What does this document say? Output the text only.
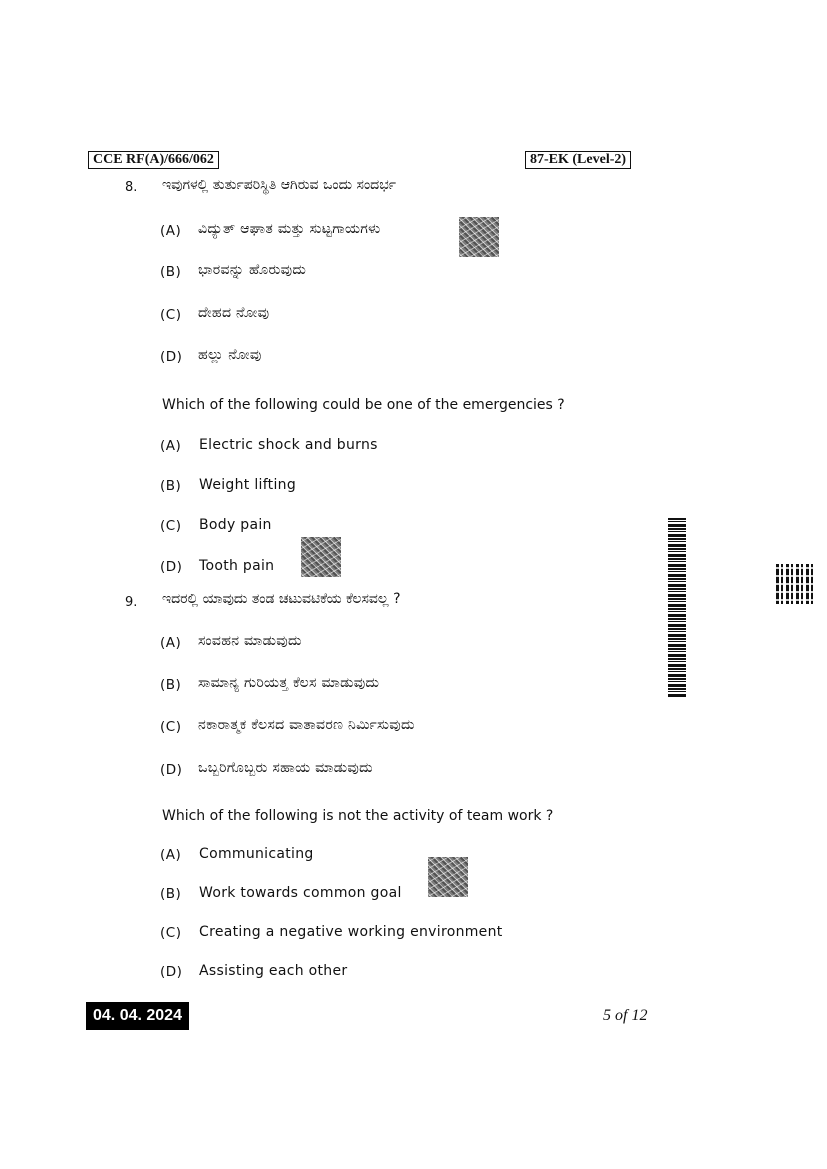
CCE RF(A)/666/062	87-EK (Level-2)
8. ಇವುಗಳಲ್ಲಿ ತುರ್ತುಪರಿಸ್ಥಿತಿ ಆಗಿರುವ ಒಂದು ಸಂದರ್ಭ
(A) ವಿದ್ಯುತ್ ಆಘಾತ ಮತ್ತು ಸುಟ್ಟಗಾಯಗಳು
(B) ಭಾರವನ್ನು ಹೊರುವುದು
(C) ದೇಹದ ನೋವು
(D) ಹಲ್ಲು ನೋವು
Which of the following could be one of the emergencies ?
(A) Electric shock and burns
(B) Weight lifting
(C) Body pain
(D) Tooth pain
9. ಇದರಲ್ಲಿ ಯಾವುದು ತಂಡ ಚಟುವಟಿಕೆಯ ಕೆಲಸವಲ್ಲ ?
(A) ಸಂವಹನ ಮಾಡುವುದು
(B) ಸಾಮಾನ್ಯ ಗುರಿಯತ್ತ ಕೆಲಸ ಮಾಡುವುದು
(C) ನಕಾರಾತ್ಮಕ ಕೆಲಸದ ವಾತಾವರಣ ನಿರ್ಮಿಸುವುದು
(D) ಒಬ್ಬರಿಗೊಬ್ಬರು ಸಹಾಯ ಮಾಡುವುದು
Which of the following is not the activity of team work ?
(A) Communicating
(B) Work towards common goal
(C) Creating a negative working environment
(D) Assisting each other
04. 04. 2024	5 of 12
